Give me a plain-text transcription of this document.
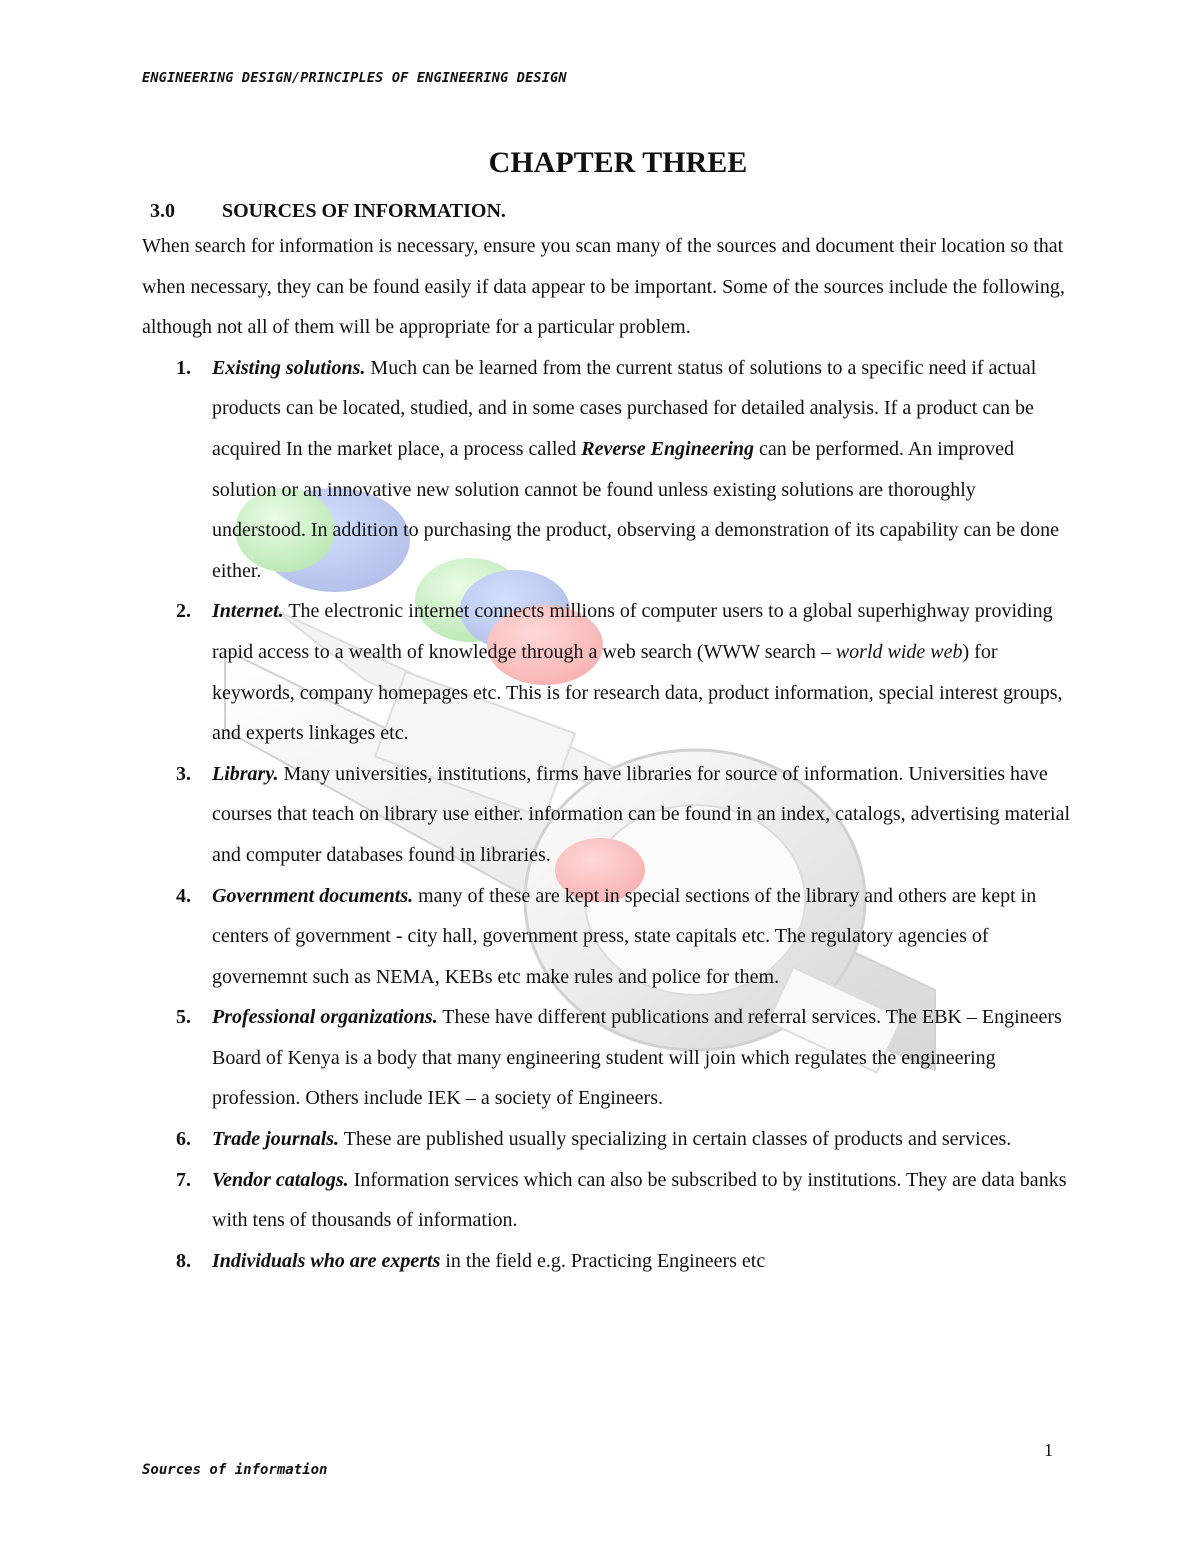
ENGINEERING DESIGN/PRINCIPLES OF ENGINEERING DESIGN
CHAPTER THREE
3.0 SOURCES OF INFORMATION.

When search for information is necessary, ensure you scan many of the sources and document their location so that when necessary, they can be found easily if data appear to be important. Some of the sources include the following, although not all of them will be appropriate for a particular problem.

1. Existing solutions. Much can be learned from the current status of solutions to a specific need if actual products can be located, studied, and in some cases purchased for detailed analysis. If a product can be acquired In the market place, a process called Reverse Engineering can be performed. An improved solution or an innovative new solution cannot be found unless existing solutions are thoroughly understood. In addition to purchasing the product, observing a demonstration of its capability can be done either.
2. Internet. The electronic internet connects millions of computer users to a global superhighway providing rapid access to a wealth of knowledge through a web search (WWW search – world wide web) for keywords, company homepages etc. This is for research data, product information, special interest groups, and experts linkages etc.
3. Library. Many universities, institutions, firms have libraries for source of information. Universities have courses that teach on library use either. information can be found in an index, catalogs, advertising material and computer databases found in libraries.
4. Government documents. many of these are kept in special sections of the library and others are kept in centers of government - city hall, government press, state capitals etc. The regulatory agencies of governemnt such as NEMA, KEBs etc make rules and police for them.
5. Professional organizations. These have different publications and referral services. The EBK – Engineers Board of Kenya is a body that many engineering student will join which regulates the engineering profession. Others include IEK – a society of Engineers.
6. Trade journals. These are published usually specializing in certain classes of products and services.
7. Vendor catalogs. Information services which can also be subscribed to by institutions. They are data banks with tens of thousands of information.
8. Individuals who are experts in the field e.g. Practicing Engineers etc
1
Sources of information
